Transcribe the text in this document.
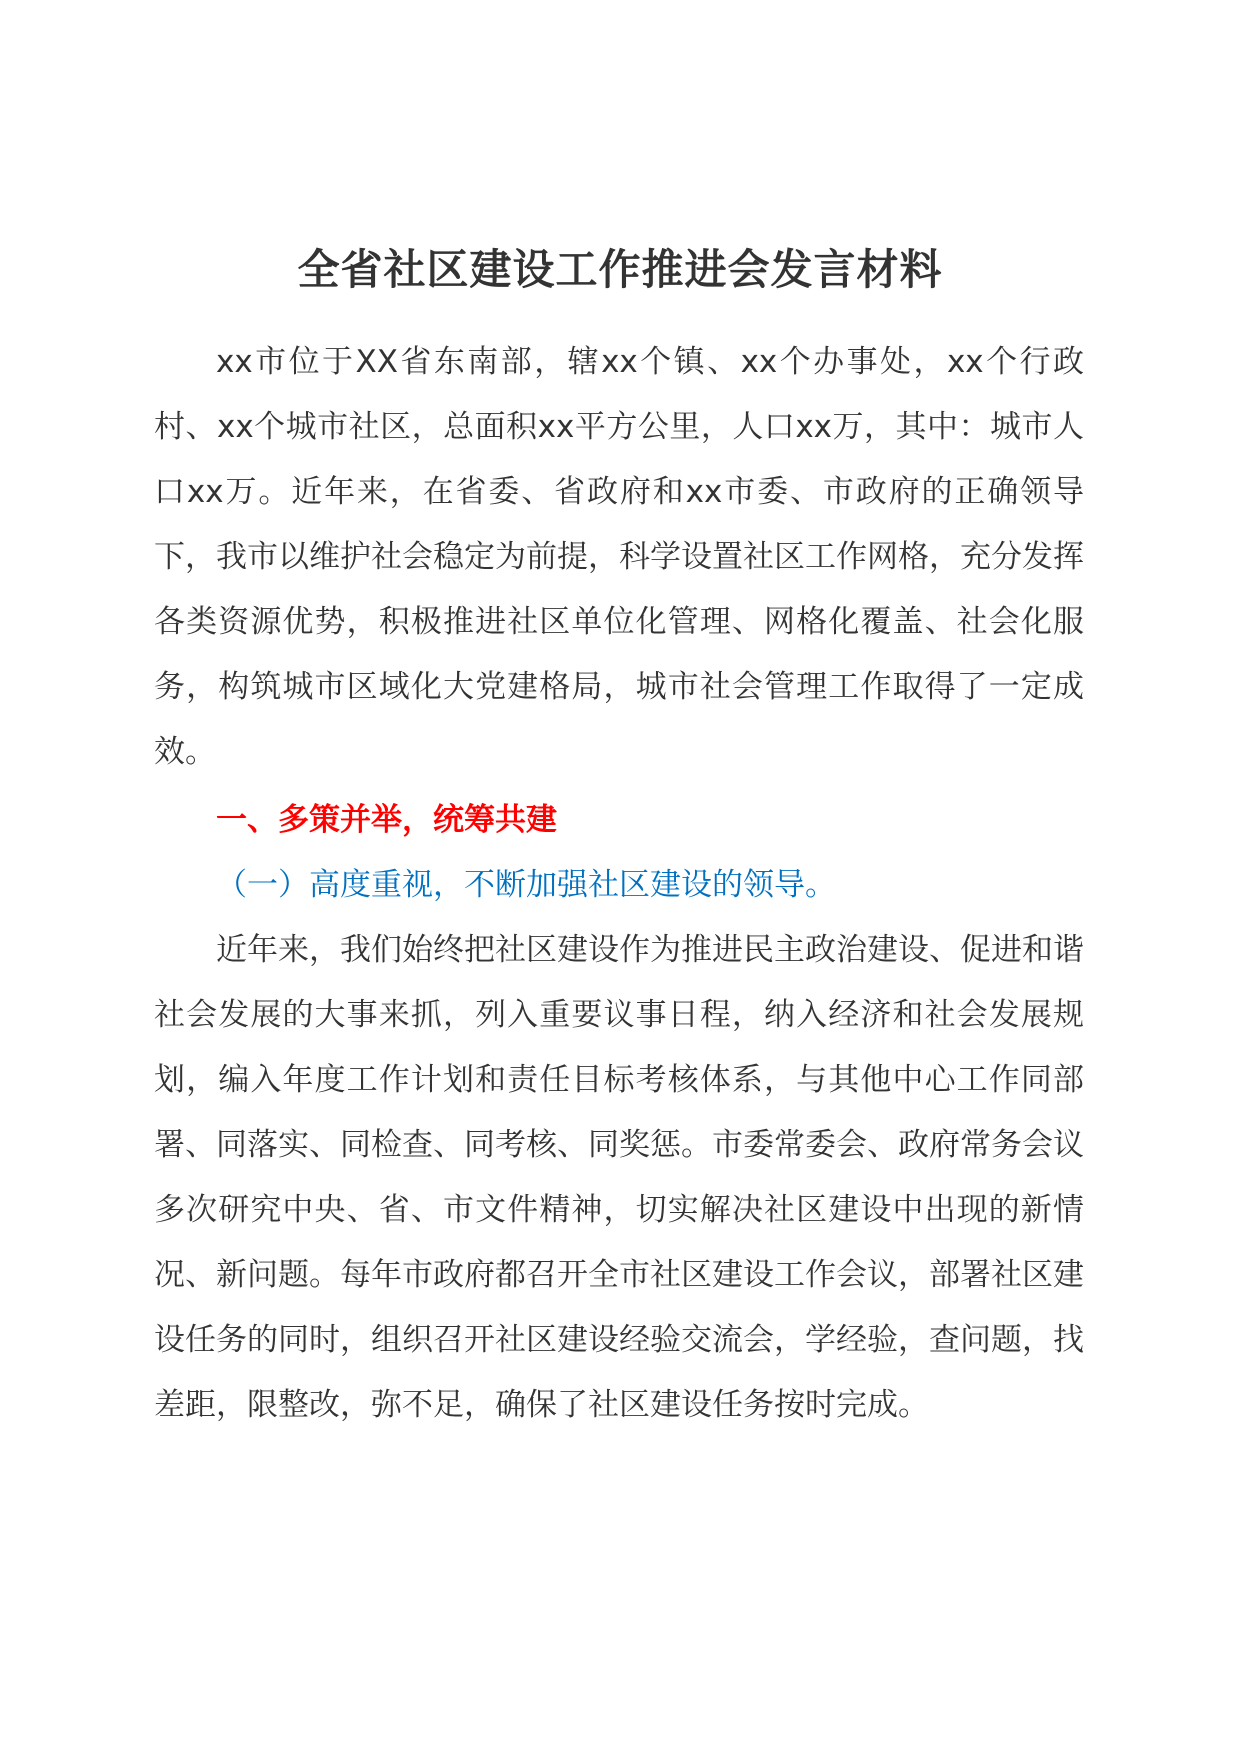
全省社区建设工作推进会发言材料

xx市位于XX省东南部，辖xx个镇、xx个办事处，xx个行政村、xx个城市社区，总面积xx平方公里，人口xx万，其中：城市人口xx万。近年来，在省委、省政府和xx市委、市政府的正确领导下，我市以维护社会稳定为前提，科学设置社区工作网格，充分发挥各类资源优势，积极推进社区单位化管理、网格化覆盖、社会化服务，构筑城市区域化大党建格局，城市社会管理工作取得了一定成效。

一、多策并举，统筹共建

（一）高度重视，不断加强社区建设的领导。

近年来，我们始终把社区建设作为推进民主政治建设、促进和谐社会发展的大事来抓，列入重要议事日程，纳入经济和社会发展规划，编入年度工作计划和责任目标考核体系，与其他中心工作同部署、同落实、同检查、同考核、同奖惩。市委常委会、政府常务会议多次研究中央、省、市文件精神，切实解决社区建设中出现的新情况、新问题。每年市政府都召开全市社区建设工作会议，部署社区建设任务的同时，组织召开社区建设经验交流会，学经验，查问题，找差距，限整改，弥不足，确保了社区建设任务按时完成。
